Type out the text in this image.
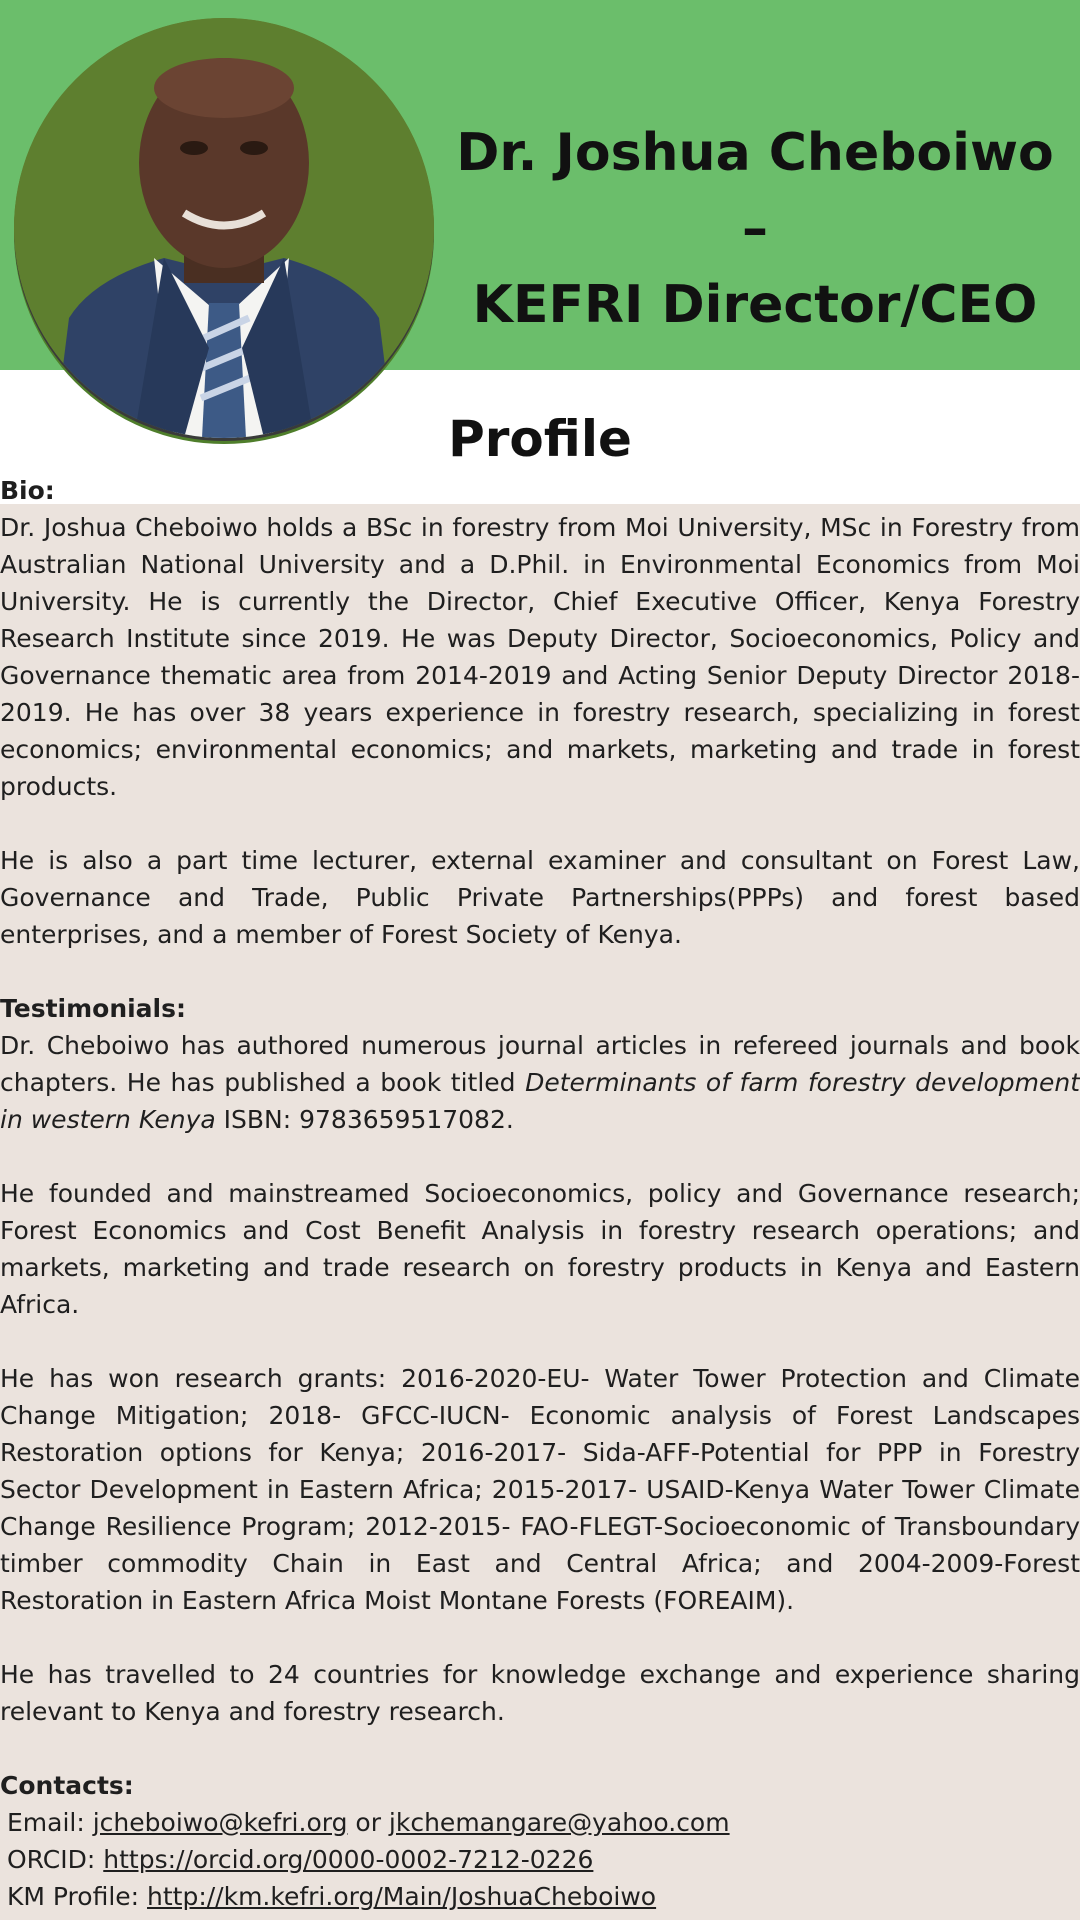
Dr. Joshua Cheboiwo –
KEFRI Director/CEO
Profile
Bio:

Dr. Joshua Cheboiwo holds a BSc in forestry from Moi University, MSc in Forestry from Australian National University and a D.Phil. in Environmental Economics from Moi University. He is currently the Director, Chief Executive Officer, Kenya Forestry Research Institute since 2019. He was Deputy Director, Socioeconomics, Policy and Governance thematic area from 2014-2019 and Acting Senior Deputy Director 2018-2019. He has over 38 years experience in forestry research, specializing in forest economics; environmental economics; and markets, marketing and trade in forest products.

He is also a part time lecturer, external examiner and consultant on Forest Law, Governance and Trade, Public Private Partnerships(PPPs) and forest based enterprises, and a member of Forest Society of Kenya.

Testimonials:

Dr. Cheboiwo has authored numerous journal articles in refereed journals and book chapters. He has published a book titled Determinants of farm forestry development in western Kenya ISBN: 9783659517082.

He founded and mainstreamed Socioeconomics, policy and Governance research; Forest Economics and Cost Benefit Analysis in forestry research operations; and markets, marketing and trade research on forestry products in Kenya and Eastern Africa.

He has won research grants: 2016-2020-EU- Water Tower Protection and Climate Change Mitigation; 2018- GFCC-IUCN- Economic analysis of Forest Landscapes Restoration options for Kenya; 2016-2017- Sida-AFF-Potential for PPP in Forestry Sector Development in Eastern Africa; 2015-2017- USAID-Kenya Water Tower Climate Change Resilience Program; 2012-2015- FAO-FLEGT-Socioeconomic of Transboundary timber commodity Chain in East and Central Africa; and 2004-2009-Forest Restoration in Eastern Africa Moist Montane Forests (FOREAIM).

He has travelled to 24 countries for knowledge exchange and experience sharing relevant to Kenya and forestry research.

Contacts:
Email: jcheboiwo@kefri.org or jkchemangare@yahoo.com
ORCID: https://orcid.org/0000-0002-7212-0226
KM Profile: http://km.kefri.org/Main/JoshuaCheboiwo
